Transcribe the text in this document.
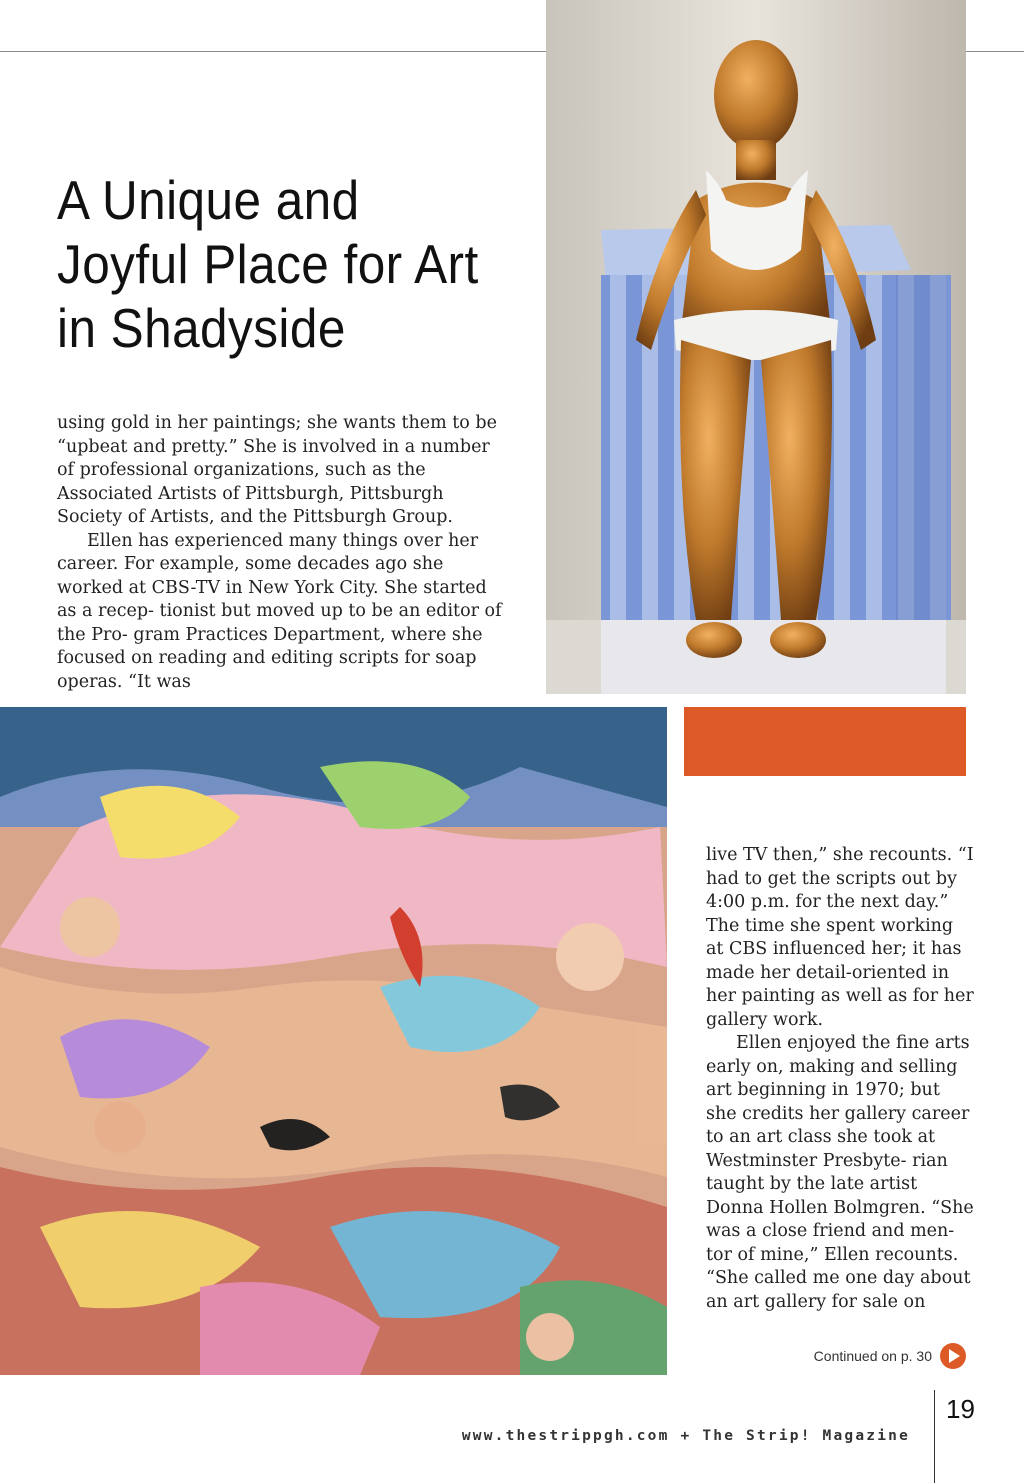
A Unique and Joyful Place for Art in Shadyside

using gold in her paintings; she wants them to be “upbeat and pretty.” She is involved in a number of professional organizations, such as the Associated Artists of Pittsburgh, Pittsburgh Society of Artists, and the Pittsburgh Group.

Ellen has experienced many things over her career. For example, some decades ago she worked at CBS-TV in New York City. She started as a recep- tionist but moved up to be an editor of the Pro- gram Practices Department, where she focused on reading and editing scripts for soap operas. “It was

live TV then,” she recounts. “I had to get the scripts out by 4:00 p.m. for the next day.” The time she spent working at CBS influenced her; it has made her detail-oriented in her painting as well as for her gallery work.

Ellen enjoyed the fine arts early on, making and selling art beginning in 1970; but she credits her gallery career to an art class she took at Westminster Presbyte- rian taught by the late artist Donna Hollen Bolmgren. “She was a close friend and men- tor of mine,” Ellen recounts. “She called me one day about an art gallery for sale on

Continued on p. 30
www.thestrippgh.com + The Strip! Magazine
19
